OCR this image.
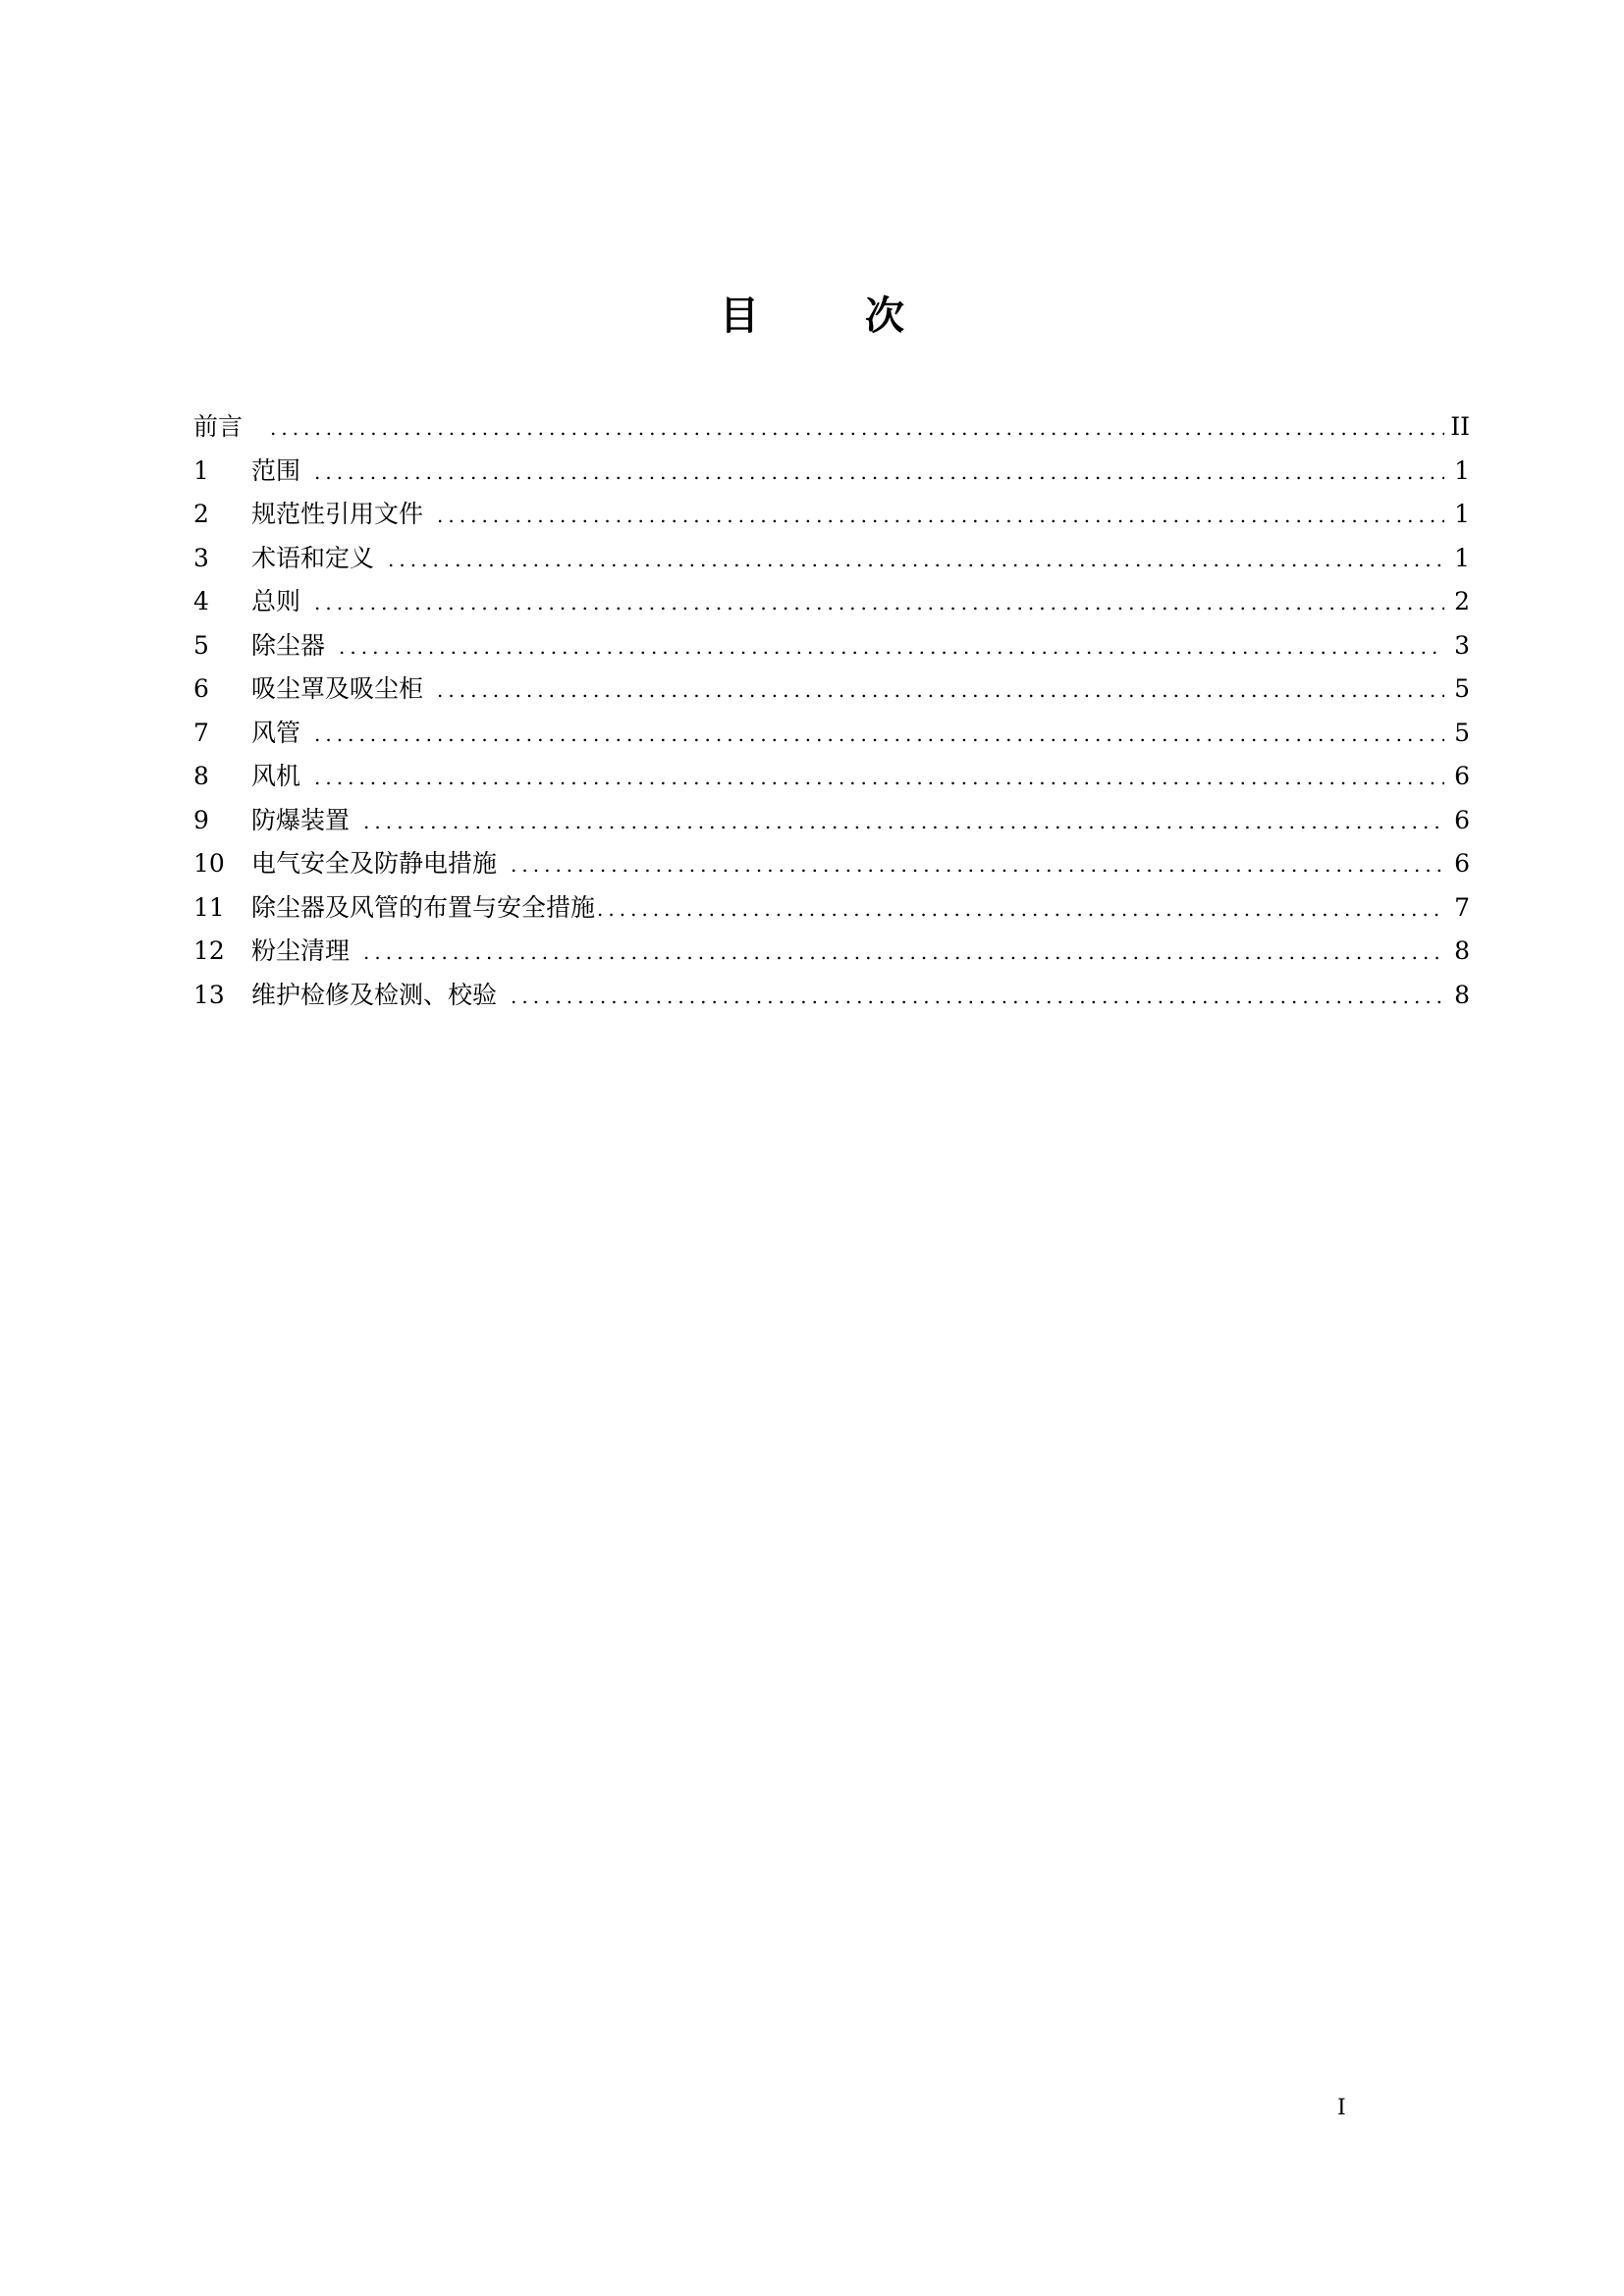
目　次
前言 .....	II
1	范围 .....	1
2	规范性引用文件 .....	1
3	术语和定义 .....	1
4	总则 .....	2
5	除尘器 .....	3
6	吸尘罩及吸尘柜 .....	5
7	风管 .....	5
8	风机 .....	6
9	防爆装置 .....	6
10	电气安全及防静电措施 .....	6
11	除尘器及风管的布置与安全措施 .....	7
12	粉尘清理 .....	8
13	维护检修及检测、校验 .....	8
I
